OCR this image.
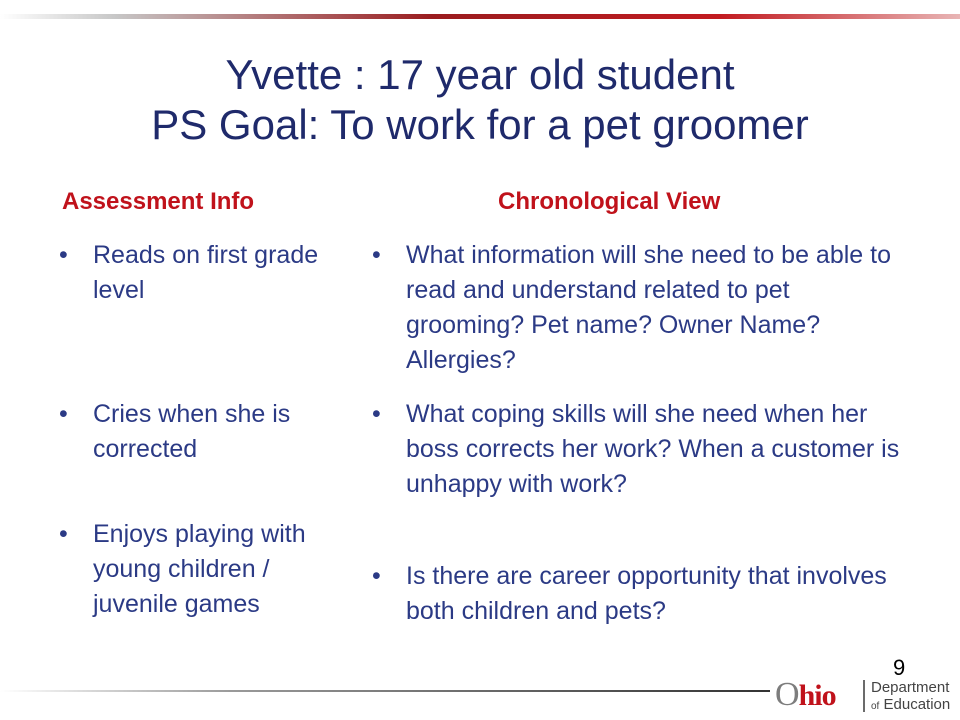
Yvette : 17 year old student
PS Goal: To work for a pet groomer
Assessment Info	Chronological View
•	Reads on first grade level
•	Cries when she is corrected
•	Enjoys playing with young children / juvenile games
•	What information will she need to be able to read and understand related to pet grooming? Pet name? Owner Name? Allergies?
•	What coping skills will she need when her boss corrects her work? When a customer is unhappy with work?
•	Is there are career opportunity that involves both children and pets?
9
Ohio Department
of Education
